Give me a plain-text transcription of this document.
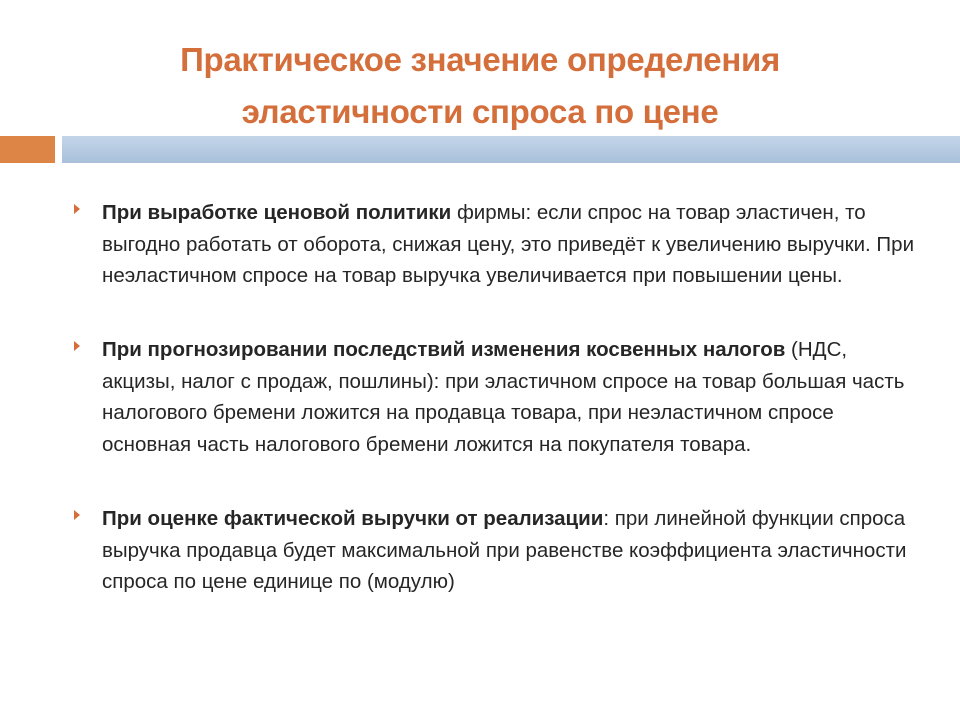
Практическое значение определения
эластичности спроса по цене
При выработке ценовой политики фирмы: если спрос на товар эластичен, то выгодно работать от оборота, снижая цену, это приведёт к увеличению выручки. При неэластичном спросе на товар выручка увеличивается при повышении цены.
При прогнозировании последствий изменения косвенных налогов (НДС, акцизы, налог с продаж, пошлины): при эластичном спросе на товар большая часть налогового бремени ложится на продавца товара, при неэластичном спросе основная часть налогового бремени ложится на покупателя товара.
При оценке фактической выручки от реализации: при линейной функции спроса выручка продавца будет максимальной при равенстве коэффициента эластичности спроса по цене единице по (модулю)
